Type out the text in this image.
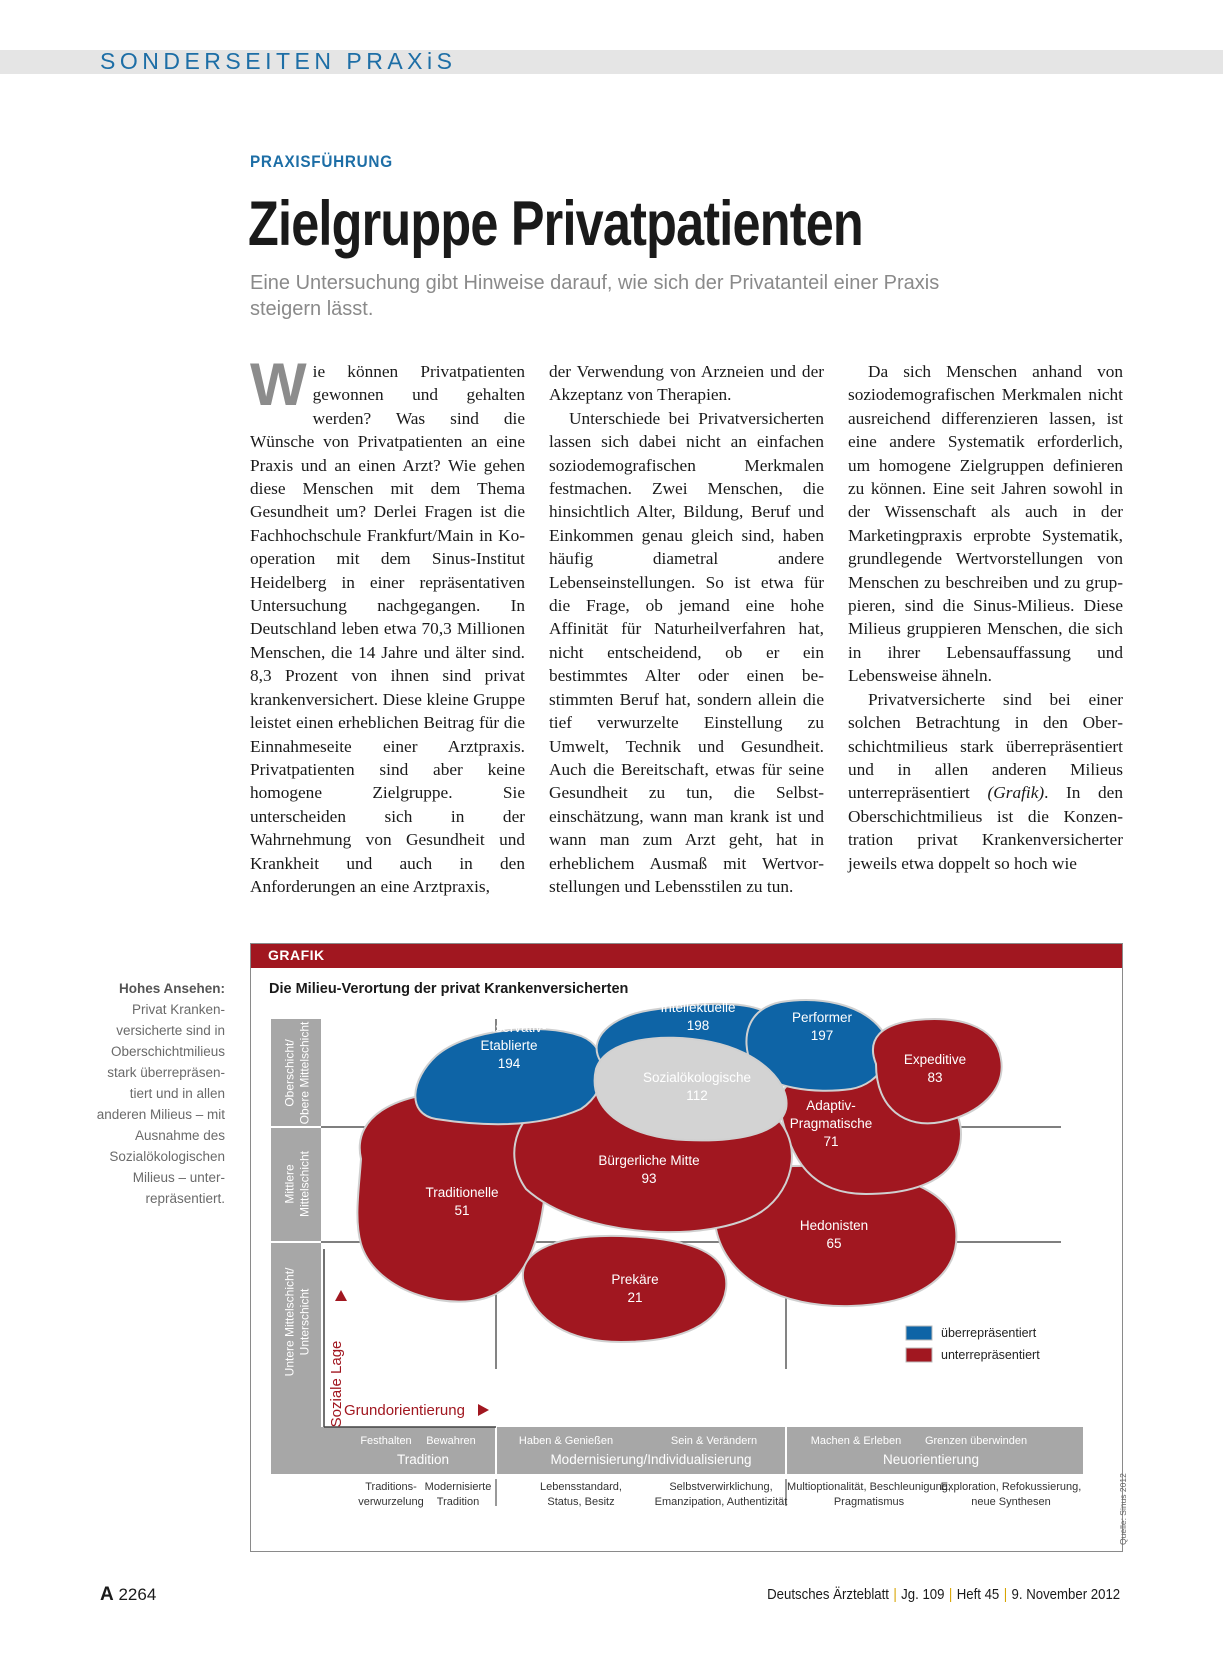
SONDERSEITEN PRAXiS
PRAXISFÜHRUNG
Zielgruppe Privatpatienten
Eine Untersuchung gibt Hinweise darauf, wie sich der Privatanteil einer Praxis steigern lässt.

Wie können Privatpatienten gewonnen und gehalten werden? Was sind die Wünsche von Privatpatienten an eine Praxis und an einen Arzt? Wie gehen diese Menschen mit dem Thema Gesundheit um? Derlei Fragen ist die Fachhochschule Frankfurt/Main in Kooperation mit dem Sinus-Institut Heidelberg in einer repräsentativen Untersuchung nachgegangen. In Deutschland leben etwa 70,3 Millionen Menschen, die 14 Jahre und älter sind. 8,3 Prozent von ihnen sind privat krankenversichert. Diese kleine Gruppe leistet einen erheblichen Beitrag für die Einnahmeseite einer Arztpraxis. Privatpatienten sind aber keine homogene Zielgruppe. Sie unterscheiden sich in der Wahrnehmung von Gesundheit und Krankheit und auch in den Anforderungen an eine Arztpraxis,

der Verwendung von Arzneien und der Akzeptanz von Therapien.

Unterschiede bei Privatversicherten lassen sich dabei nicht an einfachen soziodemografischen Merkmalen festmachen. Zwei Menschen, die hinsichtlich Alter, Bildung, Beruf und Einkommen genau gleich sind, haben häufig diametral andere Lebenseinstellungen. So ist etwa für die Frage, ob jemand eine hohe Affinität für Naturheilverfahren hat, nicht entscheidend, ob er ein bestimmtes Alter oder einen bestimmten Beruf hat, sondern allein die tief verwurzelte Einstellung zu Umwelt, Technik und Gesundheit. Auch die Bereitschaft, etwas für seine Gesundheit zu tun, die Selbsteinschätzung, wann man krank ist und wann man zum Arzt geht, hat in erheblichem Ausmaß mit Wertvorstellungen und Lebensstilen zu tun.

Da sich Menschen anhand von soziodemografischen Merkmalen nicht ausreichend differenzieren lassen, ist eine andere Systematik erforderlich, um homogene Zielgruppen definieren zu können. Eine seit Jahren sowohl in der Wissenschaft als auch in der Marketingpraxis erprobte Systematik, grundlegende Wertvorstellungen von Menschen zu beschreiben und zu gruppieren, sind die Sinus-Milieus. Diese Milieus gruppieren Menschen, die sich in ihrer Lebensauffassung und Lebensweise ähneln.

Privatversicherte sind bei einer solchen Betrachtung in den Oberschichtmilieus stark überrepräsentiert und in allen anderen Milieus unterrepräsentiert (Grafik). In den Oberschichtmilieus ist die Konzentration privat Krankenversicherter jeweils etwa doppelt so hoch wie

Hohes Ansehen:
Privat Krankenversicherte sind in Oberschichtmilieus stark überrepräsentiert und in allen anderen Milieus – mit Ausnahme des Sozialökologischen Milieus – unterrepräsentiert.
GRAFIK
Die Milieu-Verortung der privat Krankenversicherten
Oberschicht/ Obere Mittelschicht
Mittlere Mittelschicht
Untere Mittelschicht/ Unterschicht
Tradition
Festhalten Bewahren
Traditions-verwurzelung
Modernisierte Tradition
Modernisierung/Individualisierung
Haben & Genießen	Sein & Verändern
Lebensstandard, Status, Besitz
Selbstverwirklichung, Emanzipation, Authentizität
Neuorientierung
Machen & Erleben Grenzen überwinden
Multioptionalität, Beschleunigung, Pragmatismus
Exploration, Refokussierung, neue Synthesen
Soziale Lage Grundorientierung
Traditionelle
51
Hedonisten
65
Adaptiv-Pragmatische
71
Prekäre
21
Bürgerliche Mitte
93
Konservativ-Etablierte
194
Liberal-Intellektuelle
198
Performer
197
Expeditive
83
Sozialökologische
112
überrepräsentiert
unterrepräsentiert
Quelle: Sinus 2012
A 2264	Deutsches Ärzteblatt | Jg. 109 | Heft 45 | 9. November 2012
